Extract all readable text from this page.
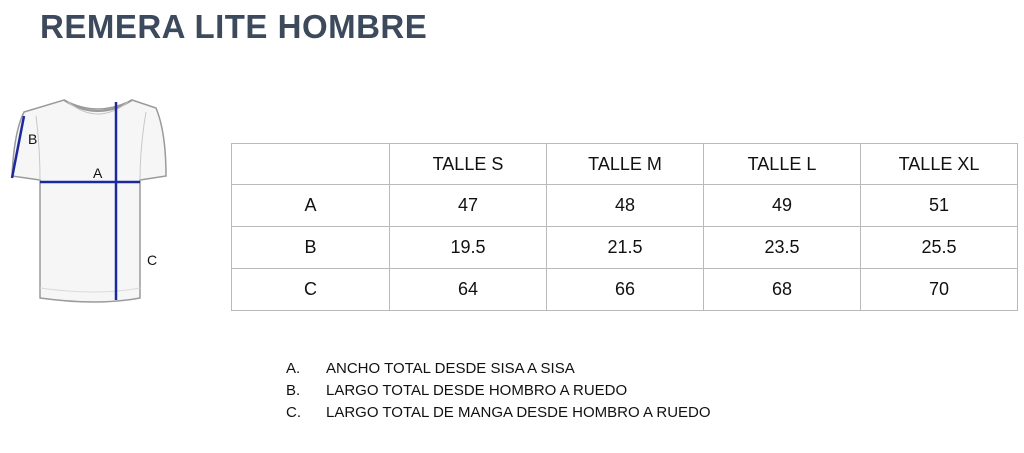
REMERA LITE HOMBRE
B
A
C
	TALLE S	TALLE M	TALLE L	TALLE XL
A	47	48	49	51
B	19.5	21.5	23.5	25.5
C	64	66	68	70
A.	ANCHO TOTAL DESDE SISA A SISA
B.	LARGO TOTAL DESDE HOMBRO A RUEDO
C.	LARGO TOTAL DE MANGA DESDE HOMBRO A RUEDO
